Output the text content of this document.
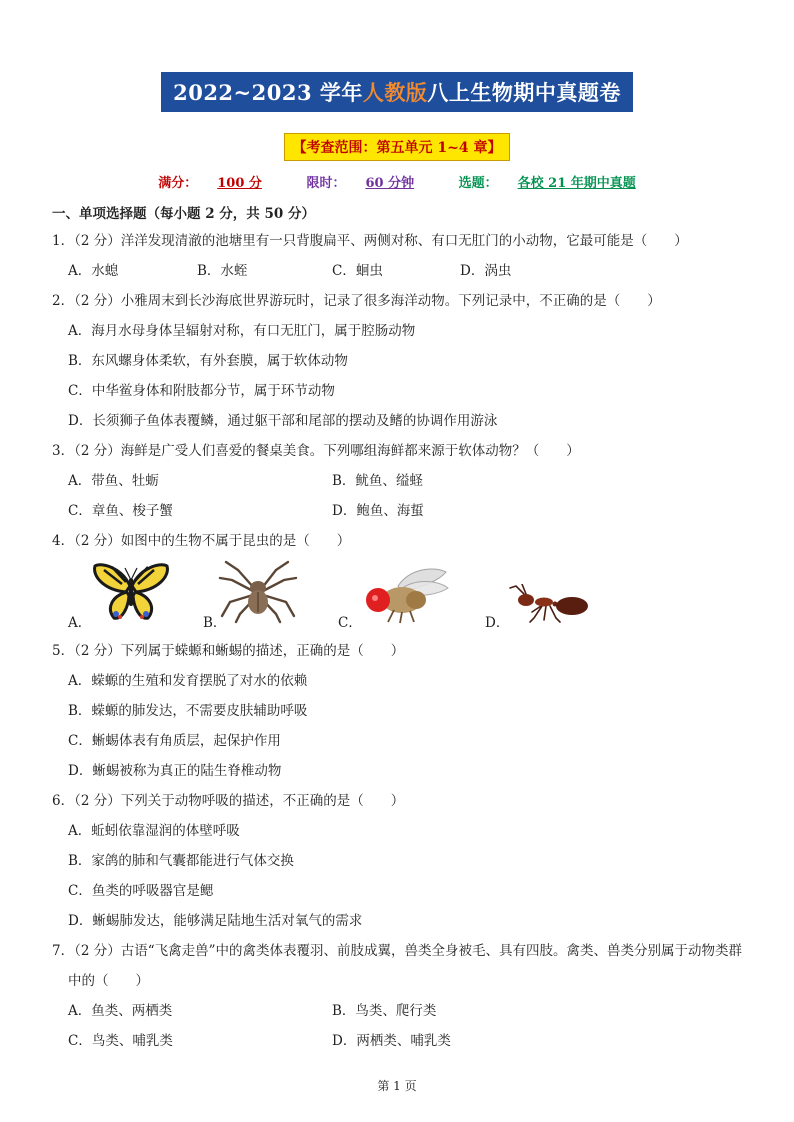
2022~2023 学年人教版八上生物期中真题卷
【考查范围：第五单元 1~4 章】
满分： 100 分	限时： 60 分钟	选题： 各校 21 年期中真题
一、单项选择题（每小题 2 分，共 50 分）
1．（2 分）洋洋发现清澈的池塘里有一只背腹扁平、两侧对称、有口无肛门的小动物，它最可能是（　　）
A．水螅	B．水蛭	C．蛔虫	D．涡虫
2．（2 分）小雅周末到长沙海底世界游玩时，记录了很多海洋动物。下列记录中，不正确的是（　　）
A．海月水母身体呈辐射对称，有口无肛门，属于腔肠动物
B．东风螺身体柔软，有外套膜，属于软体动物
C．中华鲎身体和附肢都分节，属于环节动物
D．长须狮子鱼体表覆鳞，通过躯干部和尾部的摆动及鳍的协调作用游泳
3．（2 分）海鲜是广受人们喜爱的餐桌美食。下列哪组海鲜都来源于软体动物？（　　）
A．带鱼、牡蛎	B．鱿鱼、缢蛏
C．章鱼、梭子蟹	D．鲍鱼、海蜇
4．（2 分）如图中的生物不属于昆虫的是（　　）
A．	B．	C．	D．
5．（2 分）下列属于蝾螈和蜥蜴的描述，正确的是（　　）
A．蝾螈的生殖和发育摆脱了对水的依赖
B．蝾螈的肺发达，不需要皮肤辅助呼吸
C．蜥蜴体表有角质层，起保护作用
D．蜥蜴被称为真正的陆生脊椎动物
6．（2 分）下列关于动物呼吸的描述，不正确的是（　　）
A．蚯蚓依靠湿润的体壁呼吸
B．家鸽的肺和气囊都能进行气体交换
C．鱼类的呼吸器官是鳃
D．蜥蜴肺发达，能够满足陆地生活对氧气的需求
7．（2 分）古语“飞禽走兽”中的禽类体表覆羽、前肢成翼，兽类全身被毛、具有四肢。禽类、兽类分别属于动物类群
中的（　　）
A．鱼类、两栖类	B．鸟类、爬行类
C．鸟类、哺乳类	D．两栖类、哺乳类
第 1 页
